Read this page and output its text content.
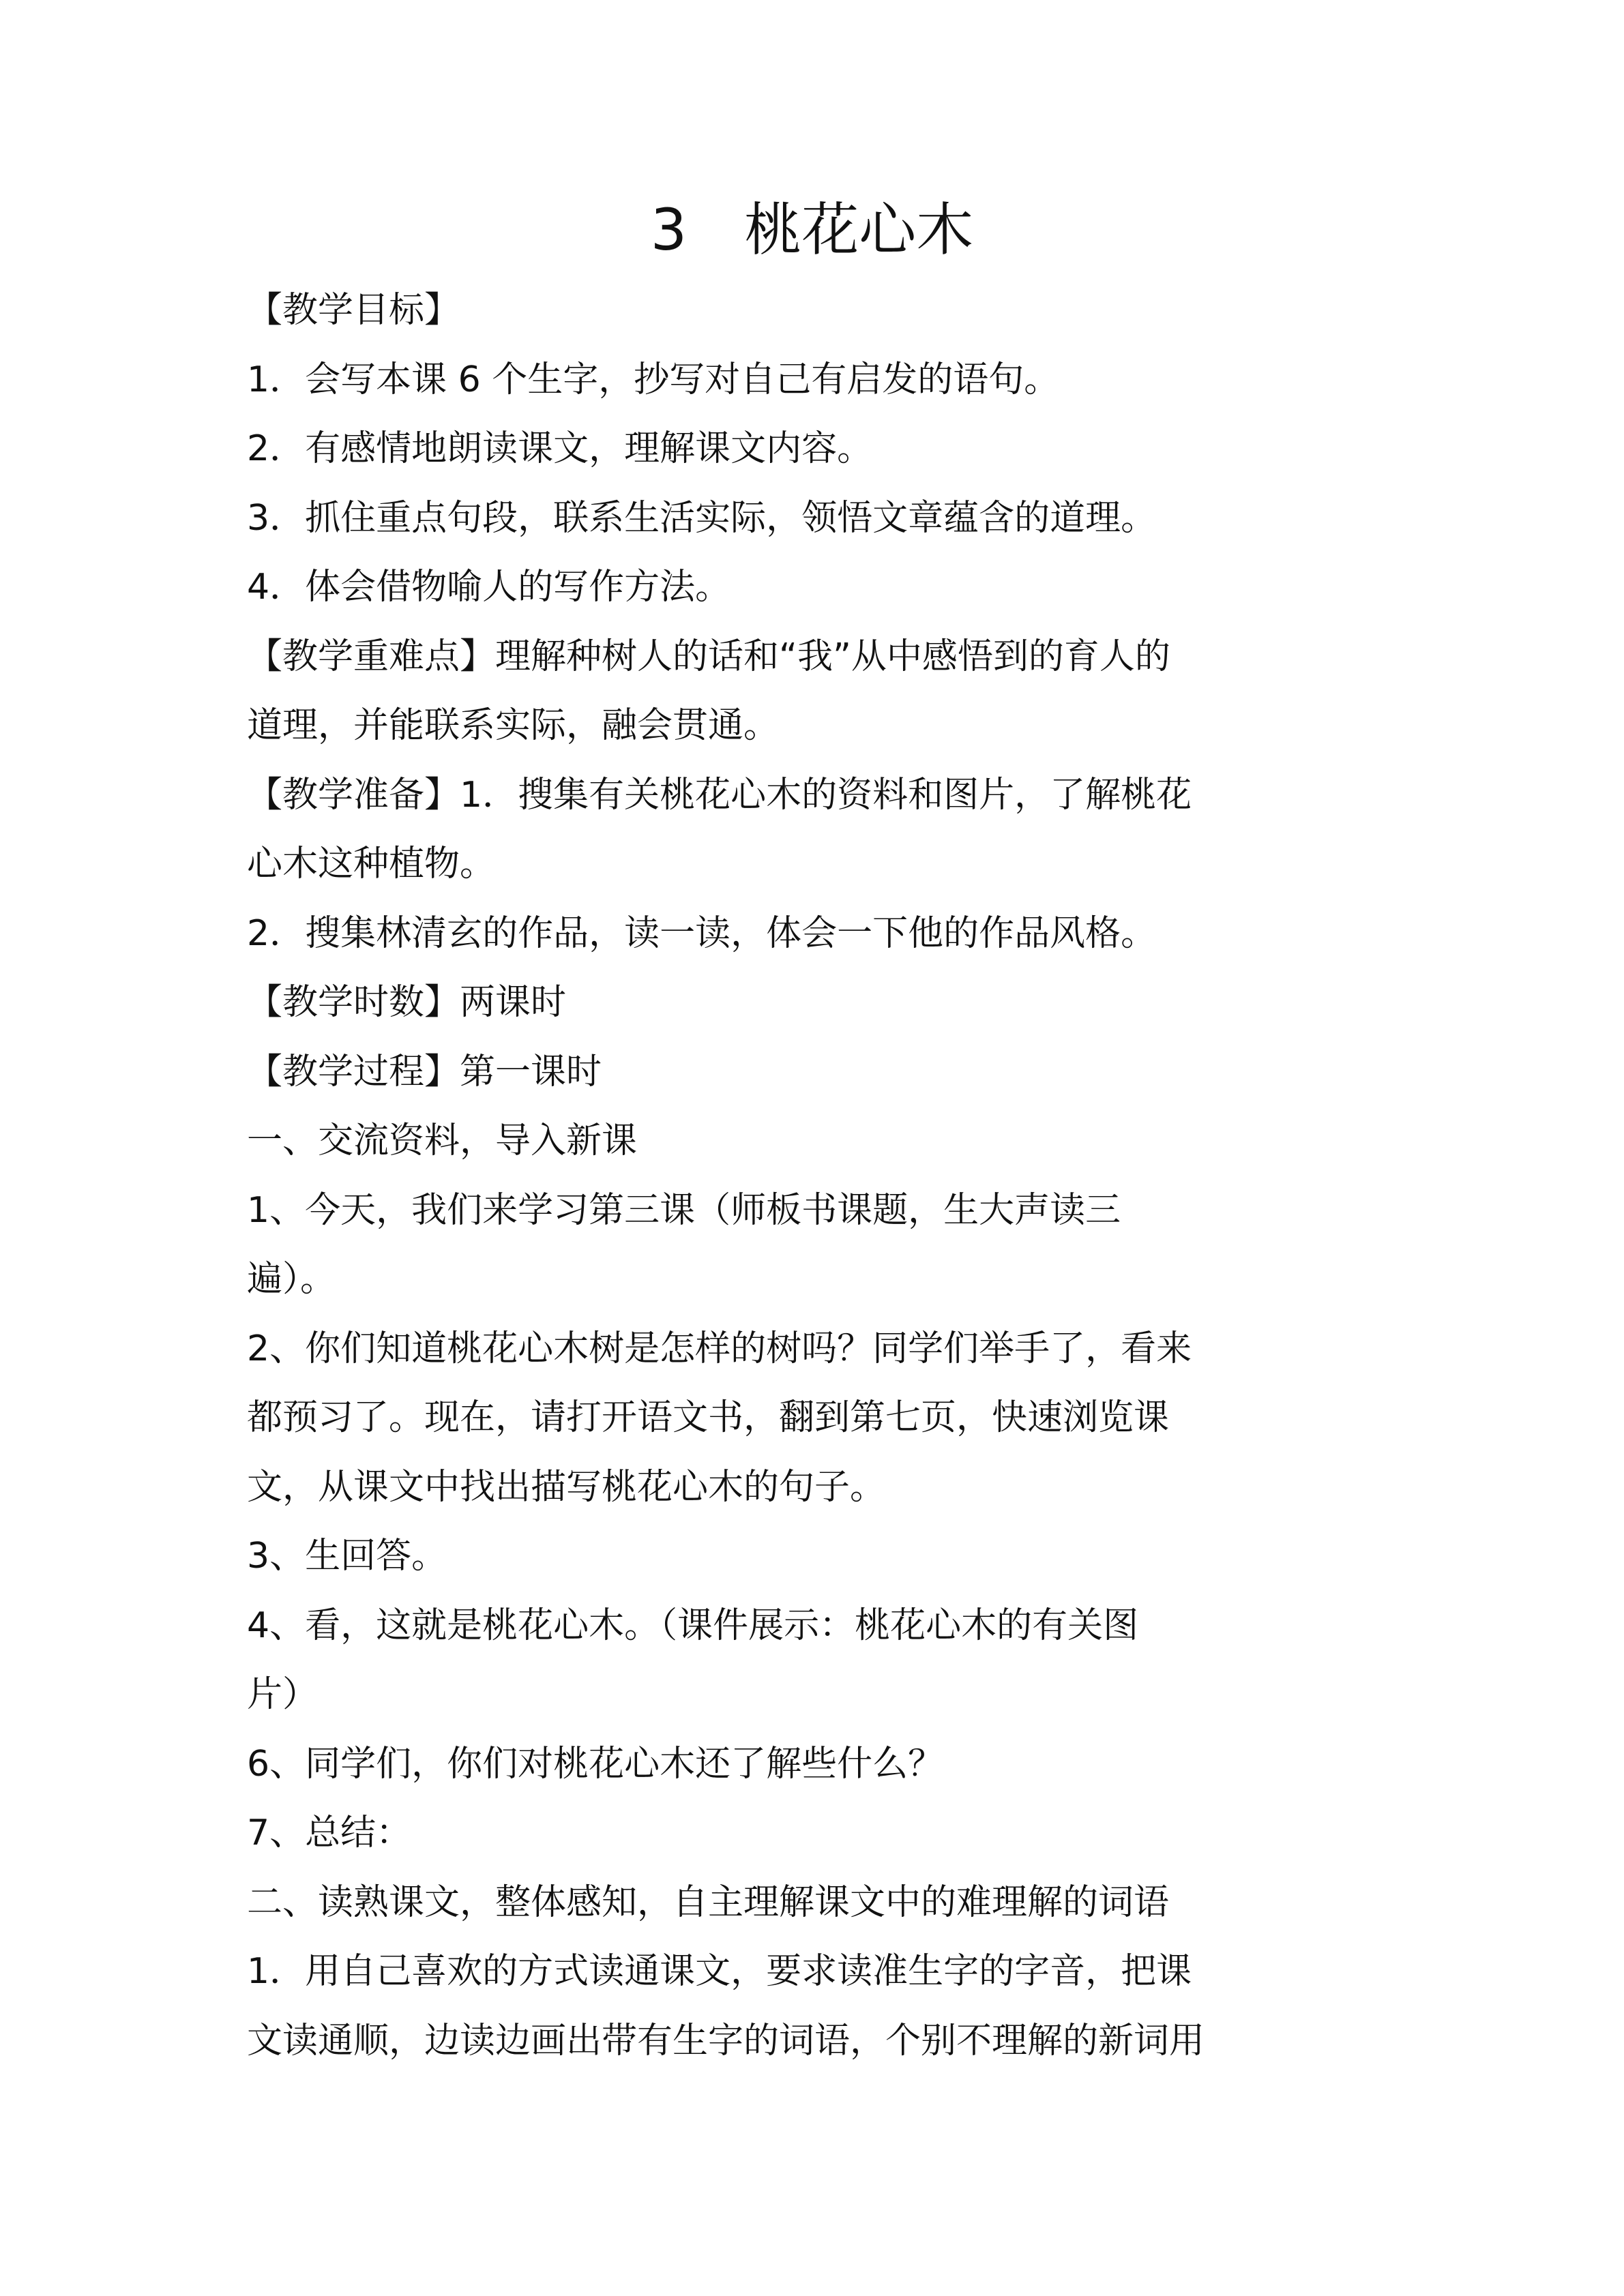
3　桃花心木
【教学目标】
1．会写本课 6 个生字，抄写对自己有启发的语句。
2．有感情地朗读课文，理解课文内容。
3．抓住重点句段，联系生活实际，领悟文章蕴含的道理。
4．体会借物喻人的写作方法。
【教学重难点】理解种树人的话和“我”从中感悟到的育人的
道理，并能联系实际，融会贯通。
【教学准备】1．搜集有关桃花心木的资料和图片，了解桃花
心木这种植物。
2．搜集林清玄的作品，读一读，体会一下他的作品风格。
【教学时数】两课时
【教学过程】第一课时
一、交流资料，导入新课
1、今天，我们来学习第三课（师板书课题，生大声读三
遍）。
2、你们知道桃花心木树是怎样的树吗？同学们举手了，看来
都预习了。现在，请打开语文书，翻到第七页，快速浏览课
文，从课文中找出描写桃花心木的句子。
3、生回答。
4、看，这就是桃花心木。（课件展示：桃花心木的有关图
片）
6、同学们，你们对桃花心木还了解些什么？
7、总结：
二、读熟课文，整体感知，自主理解课文中的难理解的词语
1．用自己喜欢的方式读通课文，要求读准生字的字音，把课
文读通顺，边读边画出带有生字的词语，个别不理解的新词用
